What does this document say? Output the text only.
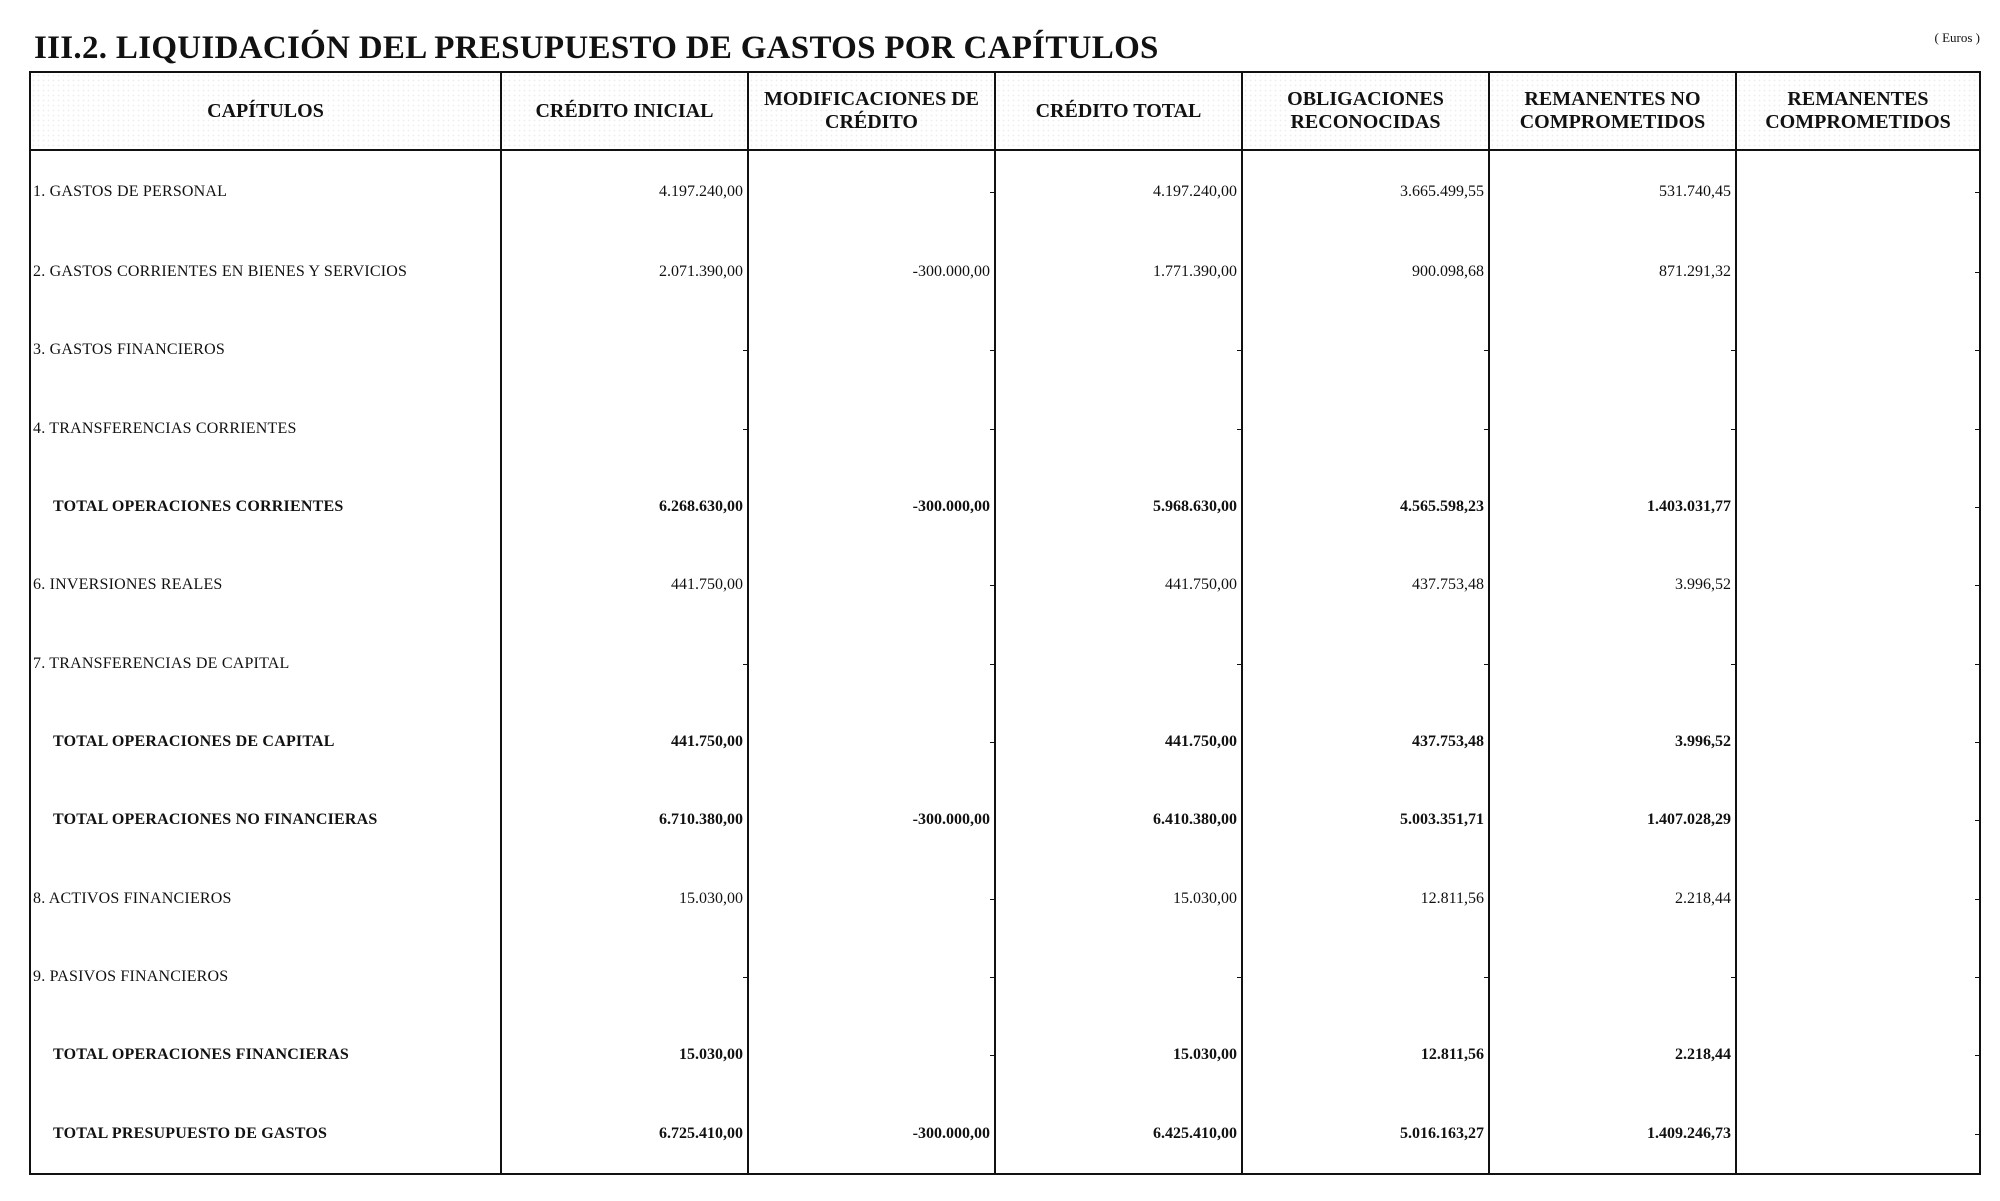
III.2. LIQUIDACIÓN DEL PRESUPUESTO DE GASTOS POR CAPÍTULOS	( Euros )
CAPÍTULOS	CRÉDITO INICIAL	MODIFICACIONES DE CRÉDITO	CRÉDITO TOTAL	OBLIGACIONES RECONOCIDAS	REMANENTES NO COMPROMETIDOS	REMANENTES COMPROMETIDOS
1. GASTOS DE PERSONAL	4.197.240,00		4.197.240,00	3.665.499,55	531.740,45	

2. GASTOS CORRIENTES EN BIENES Y SERVICIOS	2.071.390,00	-300.000,00	1.771.390,00	900.098,68	871.291,32	

3. GASTOS FINANCIEROS	

4. TRANSFERENCIAS CORRIENTES	

TOTAL OPERACIONES CORRIENTES	6.268.630,00	-300.000,00	5.968.630,00	4.565.598,23	1.403.031,77	

6. INVERSIONES REALES	441.750,00		441.750,00	437.753,48	3.996,52	

7. TRANSFERENCIAS DE CAPITAL	

TOTAL OPERACIONES DE CAPITAL	441.750,00		441.750,00	437.753,48	3.996,52	

TOTAL OPERACIONES NO FINANCIERAS	6.710.380,00	-300.000,00	6.410.380,00	5.003.351,71	1.407.028,29	

8. ACTIVOS FINANCIEROS	15.030,00		15.030,00	12.811,56	2.218,44	

9. PASIVOS FINANCIEROS	

TOTAL OPERACIONES FINANCIERAS	15.030,00		15.030,00	12.811,56	2.218,44	

TOTAL PRESUPUESTO DE GASTOS	6.725.410,00	-300.000,00	6.425.410,00	5.016.163,27	1.409.246,73	
